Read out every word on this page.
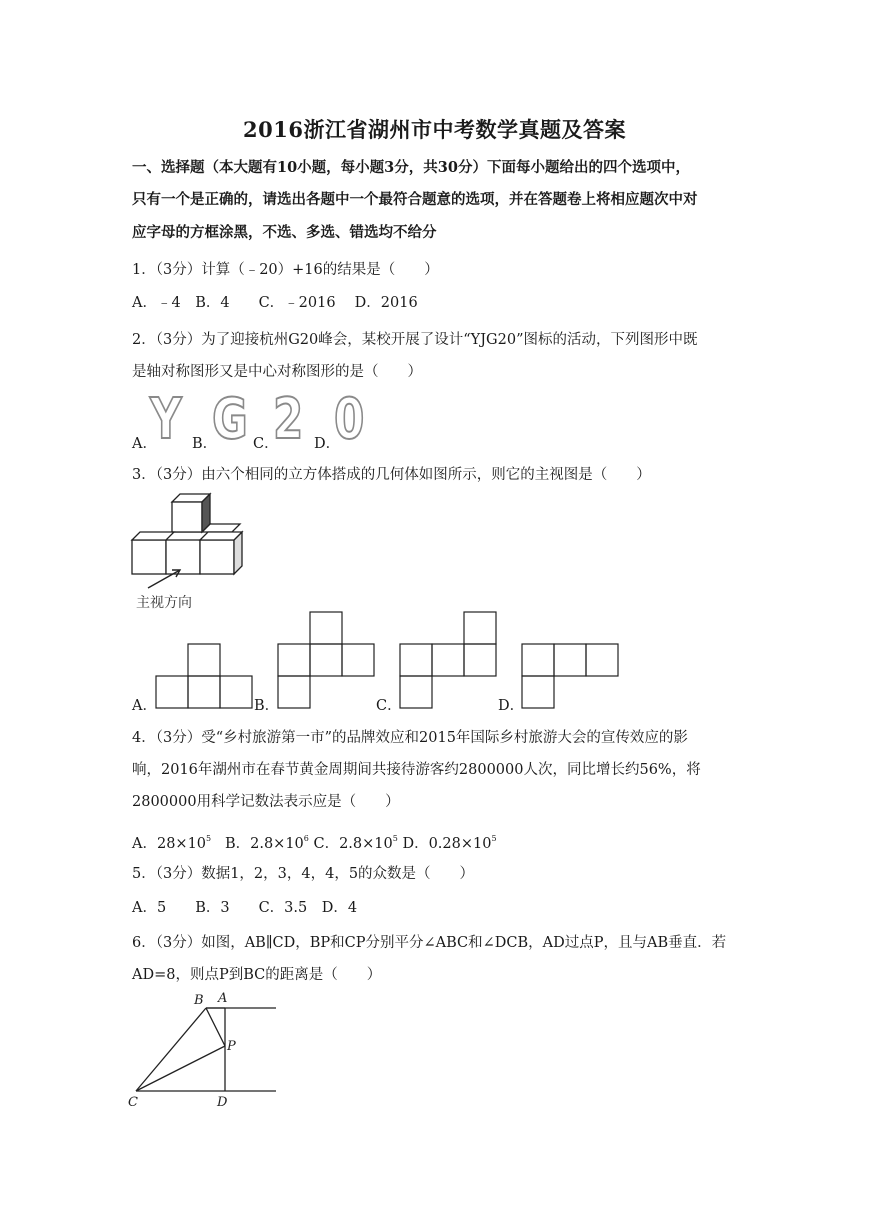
2016浙江省湖州市中考数学真题及答案
一、选择题（本大题有10小题，每小题3分，共30分）下面每小题给出的四个选项中，
只有一个是正确的，请选出各题中一个最符合题意的选项，并在答题卷上将相应题次中对
应字母的方框涂黑，不选、多选、错选均不给分
1．（3分）计算（﹣20）+16的结果是（　　）
A．﹣4　B．4　　C．﹣2016　 D．2016
2．（3分）为了迎接杭州G20峰会，某校开展了设计“YJG20”图标的活动，下列图形中既
是轴对称图形又是中心对称图形的是（　　）
A．
Y B．
G C．
2 D．
0
3．（3分）由六个相同的立方体搭成的几何体如图所示，则它的主视图是（　　）
主视方向
A．	B．	C．	D．
4．（3分）受“乡村旅游第一市”的品牌效应和2015年国际乡村旅游大会的宣传效应的影
响，2016年湖州市在春节黄金周期间共接待游客约2800000人次，同比增长约56%，将
2800000用科学记数法表示应是（　　）
A．$28\times 10^5$ B．$2.8\times 10^6$ C．$2.8\times 10^5$ D．$0.28\times 10^5$
5．（3分）数据1，2，3，4，4，5的众数是（　　）
A．5　　B．3　　C．3.5　D．4
6．（3分）如图，AB∥CD，BP和CP分别平分∠ABC和∠DCB，AD过点P，且与AB垂直．若
AD=8，则点P到BC的距离是（　　）
B A
P
C	D
